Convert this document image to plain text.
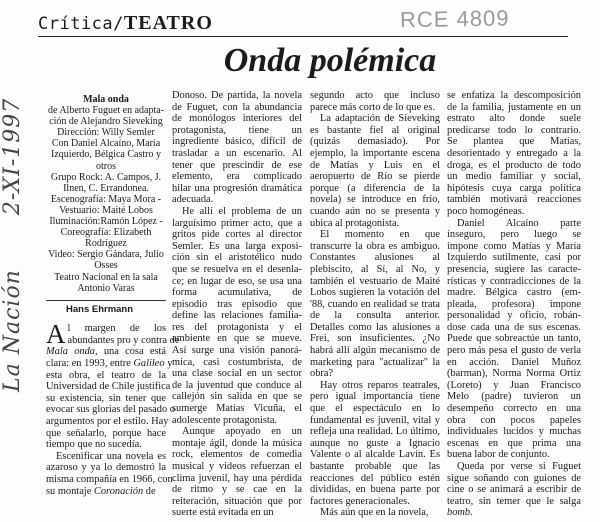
Crítica/TEATRO	RCE 4809
La Nación2-XI-1997
Onda polémica

Mala onda

de Alberto Fuguet en adapta-

ción de Alejandro Sieveking

Dirección: Willy Semler

Con Daniel Alcaíno, María

Izquierdo, Bélgica Castro y

otros

Grupo Rock: A. Campos, J.

Ilnen, C. Errandonea.

Escenografía: Maya Mora -

Vestuario: Maité Lobos

Iluminación:Ramón López -

Coreografía: Elizabeth

Rodríguez

Video: Sergio Gándara, Julio

Osses

Teatro Nacional en la sala

Antonio Varas

Hans Ehrmann
A l margen de los
abundantes pro y contra de
Mala onda, una cosa está
clara: en 1993, entre Galileo y
esta obra, el teatro de la
Universidad de Chile justifica
su existencia, sin tener que
evocar sus glorias del pasado o
argumentos por el estilo. Hay
que señalarlo, porque hace
tiempo que no sucedía.
Escenificar una novela es
azaroso y ya lo demostró la
misma compañía en 1966, con
su montaje Coronación de
Donoso. De partida, la novela
de Fuguet, con la abundancia
de monólogos interiores del
protagonista, tiene un
ingrediente básico, difícil de
trasladar a un escenario. Al
tener que prescindir de ese
elemento, era complicado
hilar una progresión dramática
adecuada.
He allí el problema de un
larguísimo primer acto, que a
gritos pide cortes al director
Semler. Es una larga exposi-
ción sin el aristotélico nudo
que se resuelva en el desenla-
ce; en lugar de eso, se usa una
forma acumulativa, de
episodio tras episodio que
define las relaciones familia-
res del protagonista y el
ambiente en que se mueve.
Así surge una visión panorá-
mica, casi costumbrista, de
una clase social en un sector
de la juventud que conduce al
callejón sin salida en que se
sumerge Matías Vicuña, el
adolescente protagonista.
Aunque apoyado en un
montaje ágil, donde la música
rock, elementos de comedia
musical y videos refuerzan el
clima juvenil, hay una pérdida
de ritmo y se cae en la
reiteración, situación que por
suerte está evitada en un
segundo acto que incluso
parece más corto de lo que es.
La adaptación de Sieveking
es bastante fiel al original
(quizás demasiado). Por
ejemplo, la importante escena
de Matías y Luis en el
aeropuerto de Río se pierde
porque (a diferencia de la
novela) se introduce en frío,
cuando aún no se presenta y
ubica al protagonista.
El momento en que
transcurre la obra es ambiguo.
Constantes alusiones al
plebiscito, al Sí, al No, y
también el vestuario de Maité
Lobos sugieren la votación del
'88, cuando en realidad se trata
de la consulta anterior.
Detalles como las alusiones a
Frei, son insuficientes. ¿No
habrá allí algún mecanismo de
marketing para "actualizar" la
obra?
Hay otros reparos teatrales,
pero igual importancia tiene
que el espectáculo en lo
fundamental es juvenil, vital y
refleja una realidad. Lo último,
aunque no guste a Ignacio
Valente o al alcalde Lavín. Es
bastante probable que las
reacciones del público estén
divididas, en buena parte por
factores generacionales.
Más aún que en la novela,
se enfatiza la descomposición
de la familia, justamente en un
estrato alto donde suele
predicarse todo lo contrario.
Se plantea que Matías,
desorientado y entregado a la
droga, es el producto de todo
un medio familiar y social,
hipótesis cuya carga política
también motivará reacciones
poco homogéneas.
Daniel Alcaíno parte
inseguro, pero luego se
impone como Matías y María
Izquierdo sutilmente, casi por
presencia, sugiere las caracte-
rísticas y contradicciones de la
madre. Bélgica castro (em-
pleada, profesora) impone
personalidad y oficio, robán-
dose cada una de sus escenas.
Puede que sobreactúe un tanto,
pero más pesa el gusto de verla
en acción. Daniel Muñoz
(barman), Norma Norma Ortiz
(Loreto) y Juan Francisco
Melo (padre) tuvieron un
desempeño correcto en una
obra con pocos papeles
individuales lucidos y muchas
escenas en que prima una
buena labor de conjunto.
Queda por verse si Fuguet
sigue soñando con guiones de
cine o se animará a escribir de
teatro, sin temer que le salga
bomb.
